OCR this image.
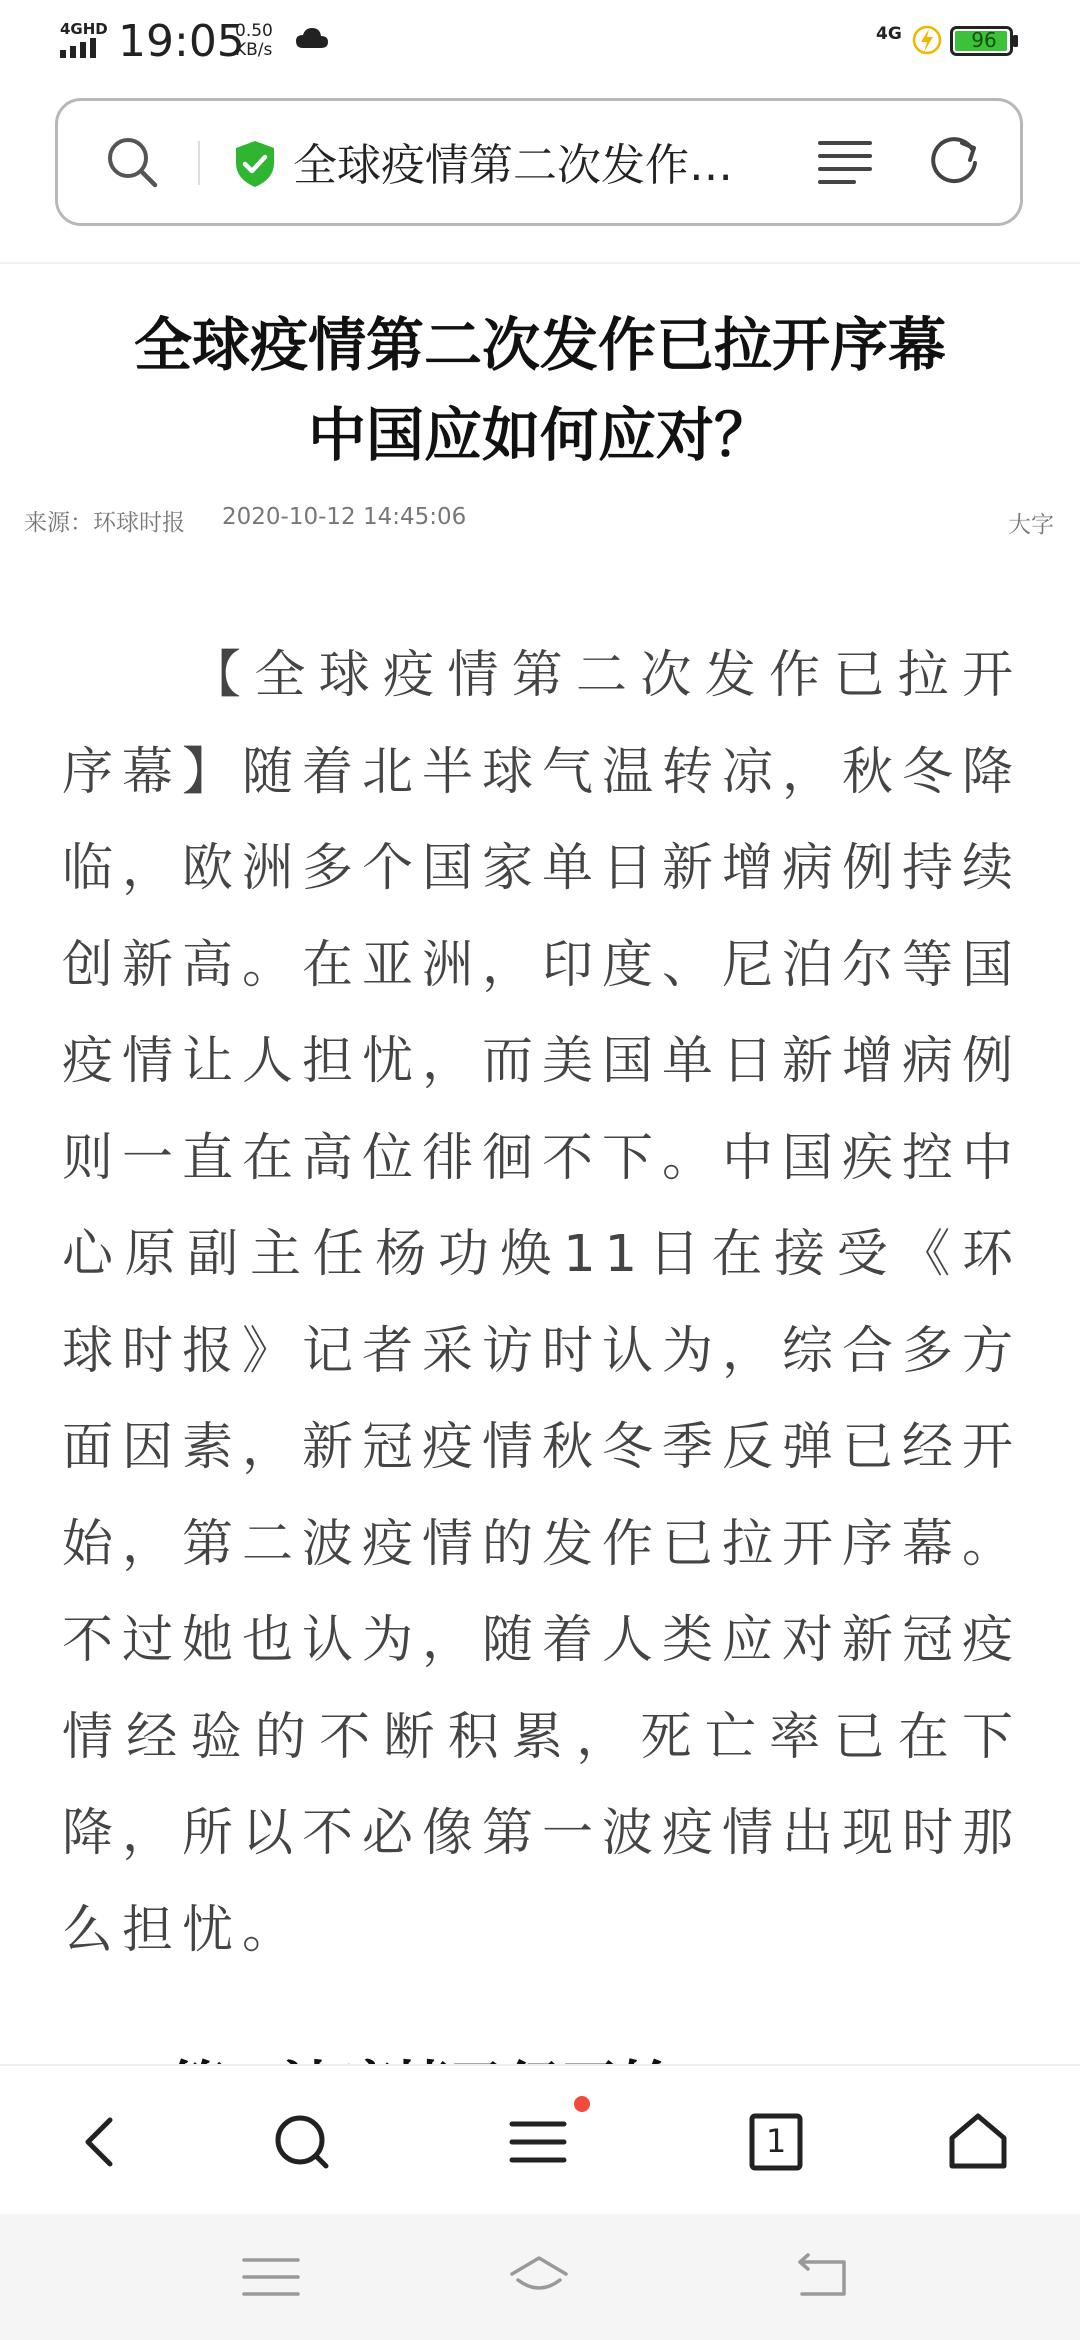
4GHD 19:05
0.50
KB/s
4G	96
全球疫情第二次发作…
全球疫情第二次发作已拉开序幕
中国应如何应对？
来源：环球时报 2020-10-12 14:45:06	大字

【全球疫情第二次发作已拉开序幕】随着北半球气温转凉，秋冬降临，欧洲多个国家单日新增病例持续创新高。在亚洲，印度、尼泊尔等国疫情让人担忧，而美国单日新增病例则一直在高位徘徊不下。中国疾控中心原副主任杨功焕11日在接受《环球时报》记者采访时认为，综合多方面因素，新冠疫情秋冬季反弹已经开始，第二波疫情的发作已拉开序幕。不过她也认为，随着人类应对新冠疫情经验的不断积累，死亡率已在下降，所以不必像第一波疫情出现时那么担忧。

1
